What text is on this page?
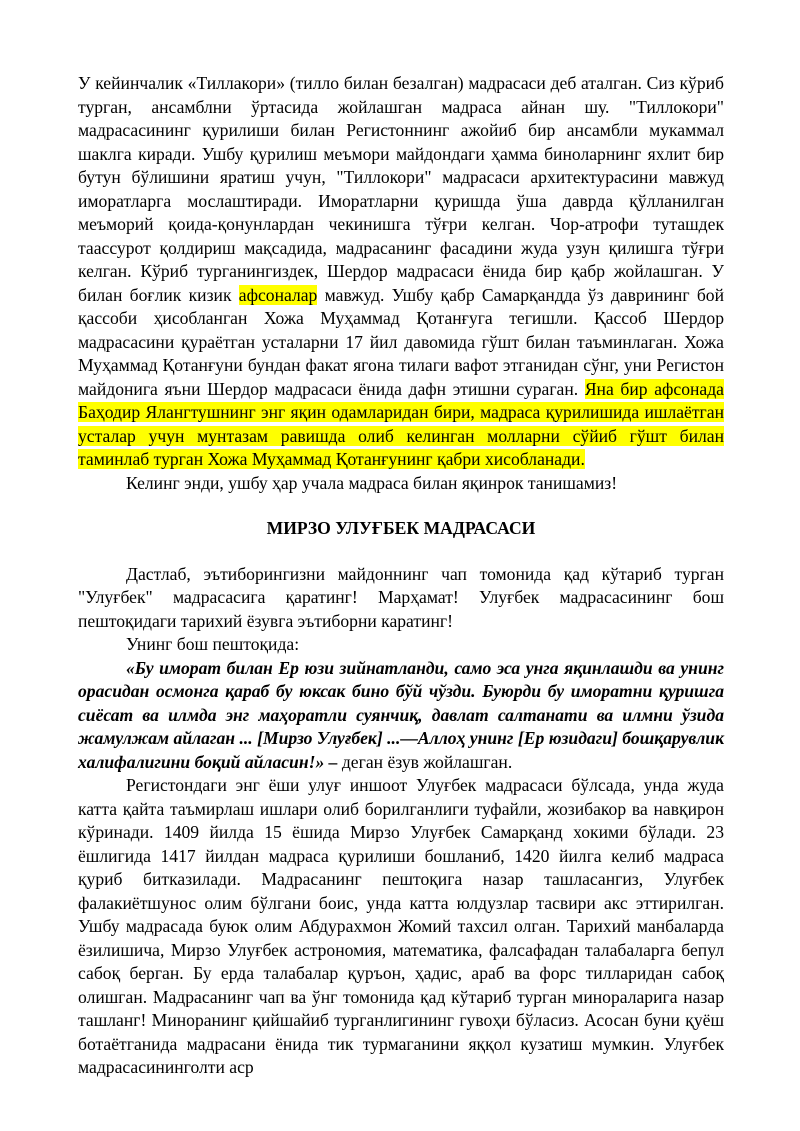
У кейинчалик «Тиллакори» (тилло билан безалган) мадрасаси деб аталган. Сиз кўриб турган, ансамблни ўртасида жойлашган мадраса айнан шу. "Тиллокори" мадрасасининг қурилиши билан Регистоннинг ажойиб бир ансамбли мукаммал шаклга киради. Ушбу қурилиш меъмори майдондаги ҳамма биноларнинг яхлит бир бутун бўлишини яратиш учун, "Тиллокори" мадрасаси архитектурасини мавжуд иморатларга мослаштиради. Иморатларни қуришда ўша даврда қўлланилган меъморий қоида-қонунлардан чекинишга тўғри келган. Чор-атрофи туташдек таассурот қолдириш мақсадида, мадрасанинг фасадини жуда узун қилишга тўғри келган. Кўриб турганингиздек, Шердор мадрасаси ёнида бир қабр жойлашган. У билан боғлик кизик афсоналар мавжуд. Ушбу қабр Самарқандда ўз даврининг бой қассоби ҳисобланган Хожа Муҳаммад Қотанғуга тегишли. Қассоб Шердор мадрасасини қураётган усталарни 17 йил давомида гўшт билан таъминлаган. Хожа Муҳаммад Қотанғуни бундан факат ягона тилаги вафот этганидан сўнг, уни Регистон майдонига яъни Шердор мадрасаси ёнида дафн этишни сураган. Яна бир афсонада Баҳодир Ялангтушнинг энг яқин одамларидан бири, мадраса қурилишида ишлаётган усталар учун мунтазам равишда олиб келинган молларни сўйиб гўшт билан таминлаб турган Хожа Муҳаммад Қотанғунинг қабри хисобланади.

Келинг энди, ушбу ҳар учала мадраса билан яқинрок танишамиз!

МИРЗО УЛУҒБЕК МАДРАСАСИ

Дастлаб, эътиборингизни майдоннинг чап томонида қад кўтариб турган "Улуғбек" мадрасасига қаратинг! Марҳамат! Улуғбек мадрасасининг бош пештоқидаги тарихий ёзувга эътиборни каратинг!

Унинг бош пештоқида:

«Бу иморат билан Ер юзи зийнатланди, само эса унга яқинлашди ва унинг орасидан осмонга қараб бу юксак бино бўй чўзди. Буюрди бу иморатни қуришга сиёсат ва илмда энг маҳоратли суянчиқ, давлат салтанати ва илмни ўзида жамулжам айлаган ... [Мирзо Улуғбек] ...—Аллоҳ унинг [Ер юзидаги] бошқарувлик халифалигини боқий айласин!» – деган ёзув жойлашган.

Регистондаги энг ёши улуғ иншоот Улуғбек мадрасаси бўлсада, унда жуда катта қайта таъмирлаш ишлари олиб борилганлиги туфайли, жозибакор ва навқирон кўринади. 1409 йилда 15 ёшида Мирзо Улуғбек Самарқанд хокими бўлади. 23 ёшлигида 1417 йилдан мадраса қурилиши бошланиб, 1420 йилга келиб мадраса қуриб битказилади. Мадрасанинг пештоқига назар ташласангиз, Улуғбек фалакиётшунос олим бўлгани боис, унда катта юлдузлар тасвири акс эттирилган. Ушбу мадрасада буюк олим Абдурахмон Жомий тахсил олган. Тарихий манбаларда ёзилишича, Мирзо Улуғбек астрономия, математика, фалсафадан талабаларга бепул сабоқ берган. Бу ерда талабалар қуръон, ҳадис, араб ва форс тилларидан сабоқ олишган. Мадрасанинг чап ва ўнг томонида қад кўтариб турган минораларига назар ташланг! Миноранинг қийшайиб турганлигининг гувоҳи бўласиз. Асосан буни қуёш ботаётганида мадрасани ёнида тик турмаганини яққол кузатиш мумкин. Улуғбек мадрасасининголти аср
